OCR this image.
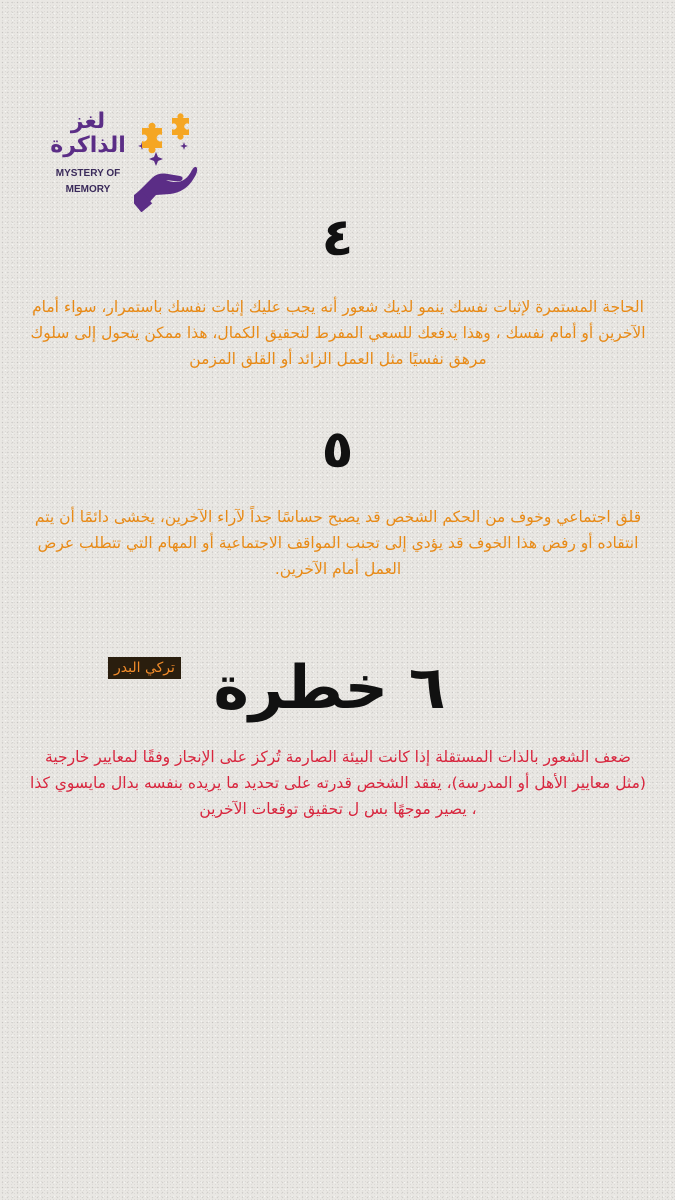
لغز
الذاكرة
MYSTERY OF
MEMORY
٤
الحاجة المستمرة لإثبات نفسك ينمو لديك شعور أنه يجب عليك إثبات نفسك باستمرار، سواء أمام الآخرين أو أمام نفسك ، وهذا يدفعك للسعي المفرط لتحقيق الكمال، هذا ممكن يتحول إلى سلوك مرهق نفسيًا مثل العمل الزائد أو القلق المزمن
٥
قلق اجتماعي وخوف من الحكم الشخص قد يصبح حساسًا جداً لآراء الآخرين، يخشى دائمًا أن يتم انتقاده أو رفض هذا الخوف قد يؤدي إلى تجنب المواقف الاجتماعية أو المهام التي تتطلب عرض العمل أمام الآخرين.
تركي البدر ٦ خطرة
ضعف الشعور بالذات المستقلة إذا كانت البيئة الصارمة تُركز على الإنجاز وفقًا لمعايير خارجية (مثل معايير الأهل أو المدرسة)، يفقد الشخص قدرته على تحديد ما يريده بنفسه بدال مايسوي كذا ، يصير موجهًا بس ل تحقيق توقعات الآخرين
